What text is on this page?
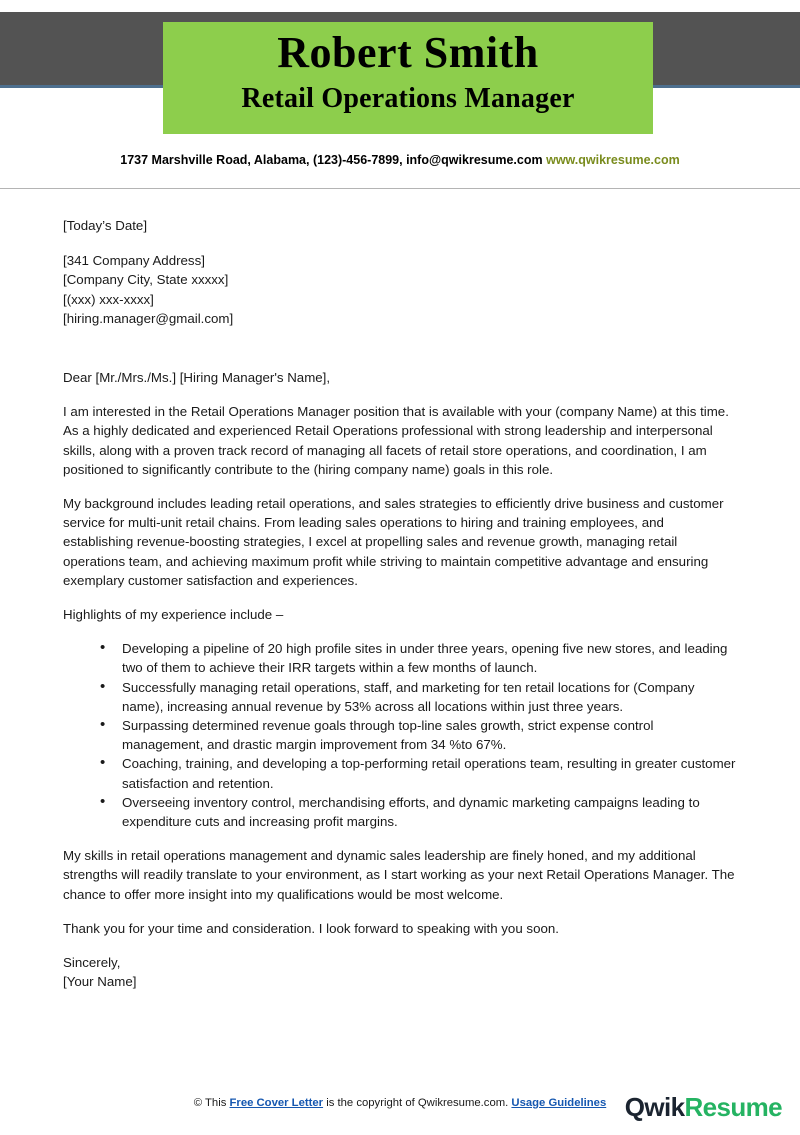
Robert Smith
Retail Operations Manager
1737 Marshville Road, Alabama, (123)-456-7899, info@qwikresume.com www.qwikresume.com

[Today’s Date]

[341 Company Address]
[Company City, State xxxxx]
[(xxx) xxx-xxxx]
[hiring.manager@gmail.com]

Dear [Mr./Mrs./Ms.] [Hiring Manager's Name],

I am interested in the Retail Operations Manager position that is available with your (company Name) at this time. As a highly dedicated and experienced Retail Operations professional with strong leadership and interpersonal skills, along with a proven track record of managing all facets of retail store operations, and coordination, I am positioned to significantly contribute to the (hiring company name) goals in this role.

My background includes leading retail operations, and sales strategies to efficiently drive business and customer service for multi-unit retail chains. From leading sales operations to hiring and training employees, and establishing revenue-boosting strategies, I excel at propelling sales and revenue growth, managing retail operations team, and achieving maximum profit while striving to maintain competitive advantage and ensuring exemplary customer satisfaction and experiences.

Highlights of my experience include –

• Developing a pipeline of 20 high profile sites in under three years, opening five new stores, and leading two of them to achieve their IRR targets within a few months of launch.
• Successfully managing retail operations, staff, and marketing for ten retail locations for (Company name), increasing annual revenue by 53% across all locations within just three years.
• Surpassing determined revenue goals through top-line sales growth, strict expense control management, and drastic margin improvement from 34 %to 67%.
• Coaching, training, and developing a top-performing retail operations team, resulting in greater customer satisfaction and retention.
• Overseeing inventory control, merchandising efforts, and dynamic marketing campaigns leading to expenditure cuts and increasing profit margins.

My skills in retail operations management and dynamic sales leadership are finely honed, and my additional strengths will readily translate to your environment, as I start working as your next Retail Operations Manager. The chance to offer more insight into my qualifications would be most welcome.

Thank you for your time and consideration. I look forward to speaking with you soon.

Sincerely,
[Your Name]
© This Free Cover Letter is the copyright of Qwikresume.com. Usage Guidelines QwikResume
